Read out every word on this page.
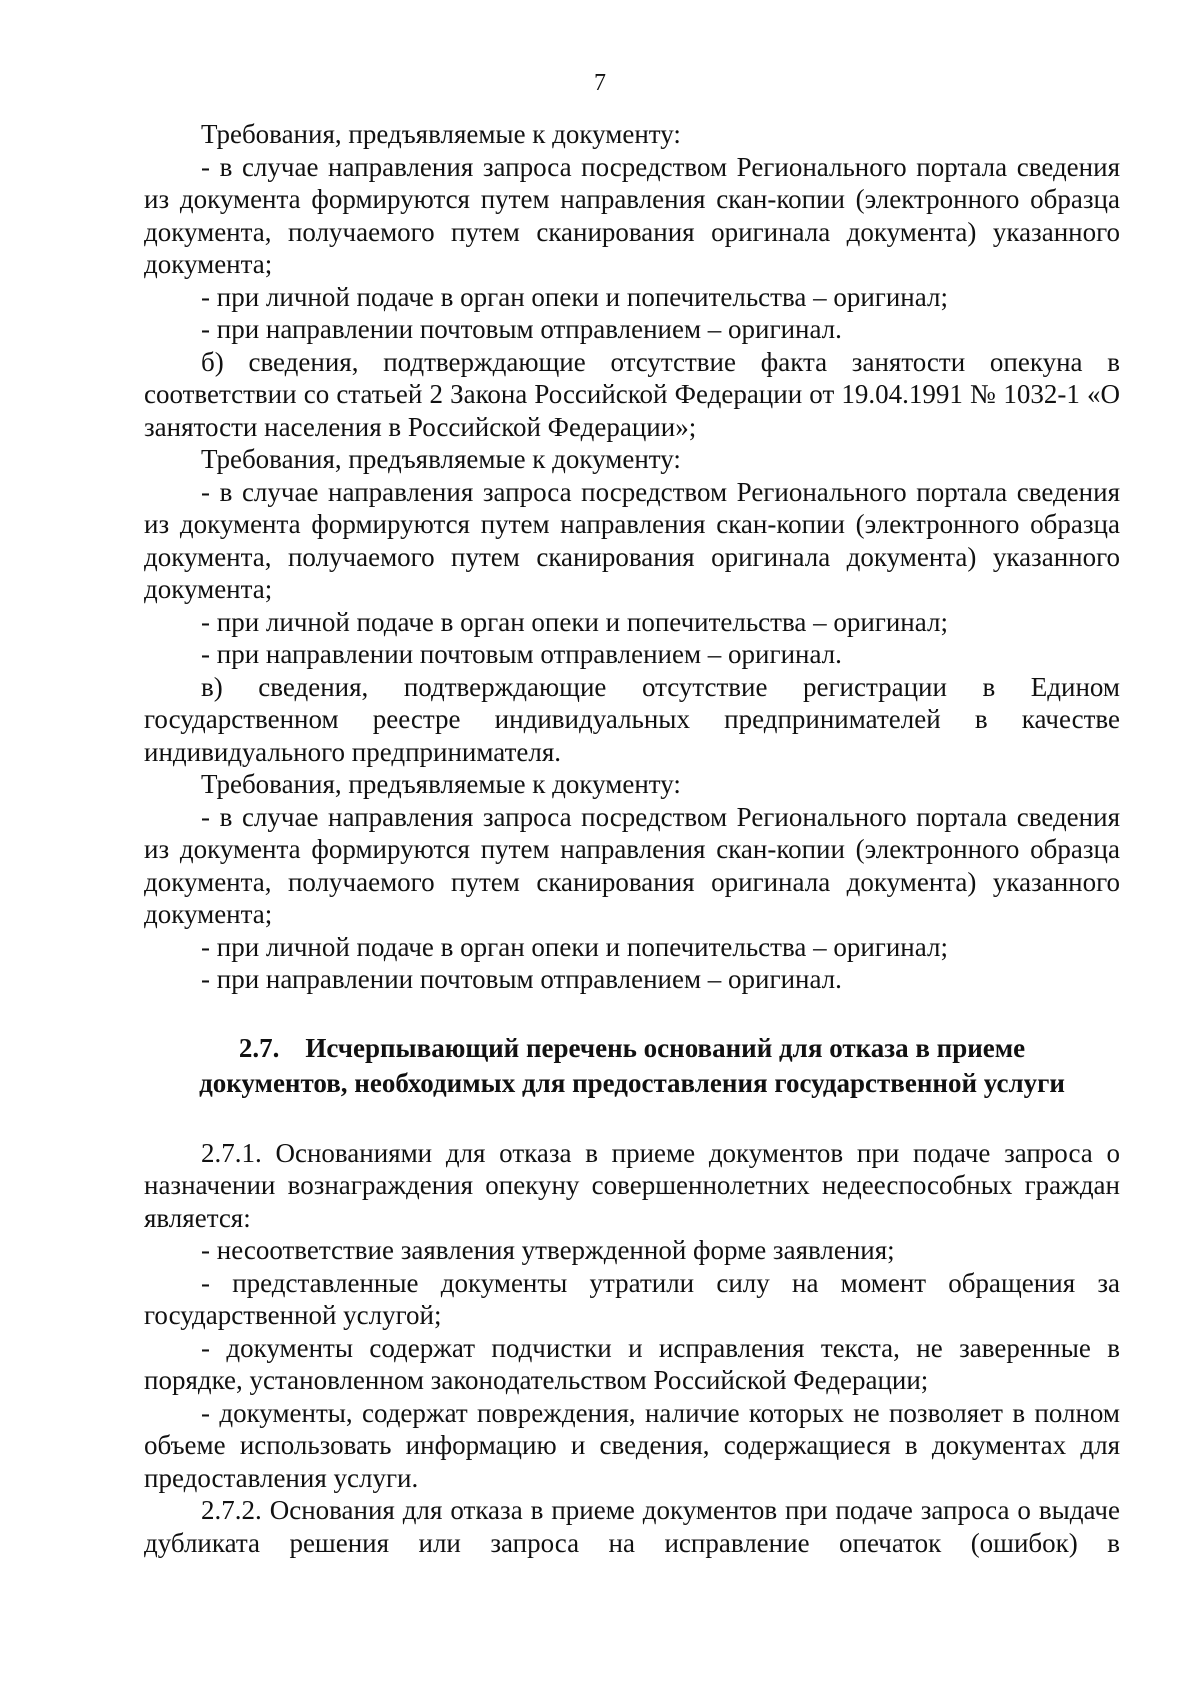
7

Требования, предъявляемые к документу:

- в случае направления запроса посредством Регионального портала сведения из документа формируются путем направления скан-копии (электронного образца документа, получаемого путем сканирования оригинала документа) указанного документа;

- при личной подаче в орган опеки и попечительства – оригинал;

- при направлении почтовым отправлением – оригинал.

б) сведения, подтверждающие отсутствие факта занятости опекуна в соответствии со статьей 2 Закона Российской Федерации от 19.04.1991 № 1032-1 «О занятости населения в Российской Федерации»;

Требования, предъявляемые к документу:

- в случае направления запроса посредством Регионального портала сведения из документа формируются путем направления скан-копии (электронного образца документа, получаемого путем сканирования оригинала документа) указанного документа;

- при личной подаче в орган опеки и попечительства – оригинал;

- при направлении почтовым отправлением – оригинал.

в) сведения, подтверждающие отсутствие регистрации в Едином государственном реестре индивидуальных предпринимателей в качестве индивидуального предпринимателя.

Требования, предъявляемые к документу:

- в случае направления запроса посредством Регионального портала сведения из документа формируются путем направления скан-копии (электронного образца документа, получаемого путем сканирования оригинала документа) указанного документа;

- при личной подаче в орган опеки и попечительства – оригинал;

- при направлении почтовым отправлением – оригинал.

2.7. Исчерпывающий перечень оснований для отказа в приеме
документов, необходимых для предоставления государственной услуги

2.7.1. Основаниями для отказа в приеме документов при подаче запроса о назначении вознаграждения опекуну совершеннолетних недееспособных граждан является:

- несоответствие заявления утвержденной форме заявления;

- представленные документы утратили силу на момент обращения за государственной услугой;

- документы содержат подчистки и исправления текста, не заверенные в порядке, установленном законодательством Российской Федерации;

- документы, содержат повреждения, наличие которых не позволяет в полном объеме использовать информацию и сведения, содержащиеся в документах для предоставления услуги.

2.7.2. Основания для отказа в приеме документов при подаче запроса о выдаче дубликата решения или запроса на исправление опечаток (ошибок) в
